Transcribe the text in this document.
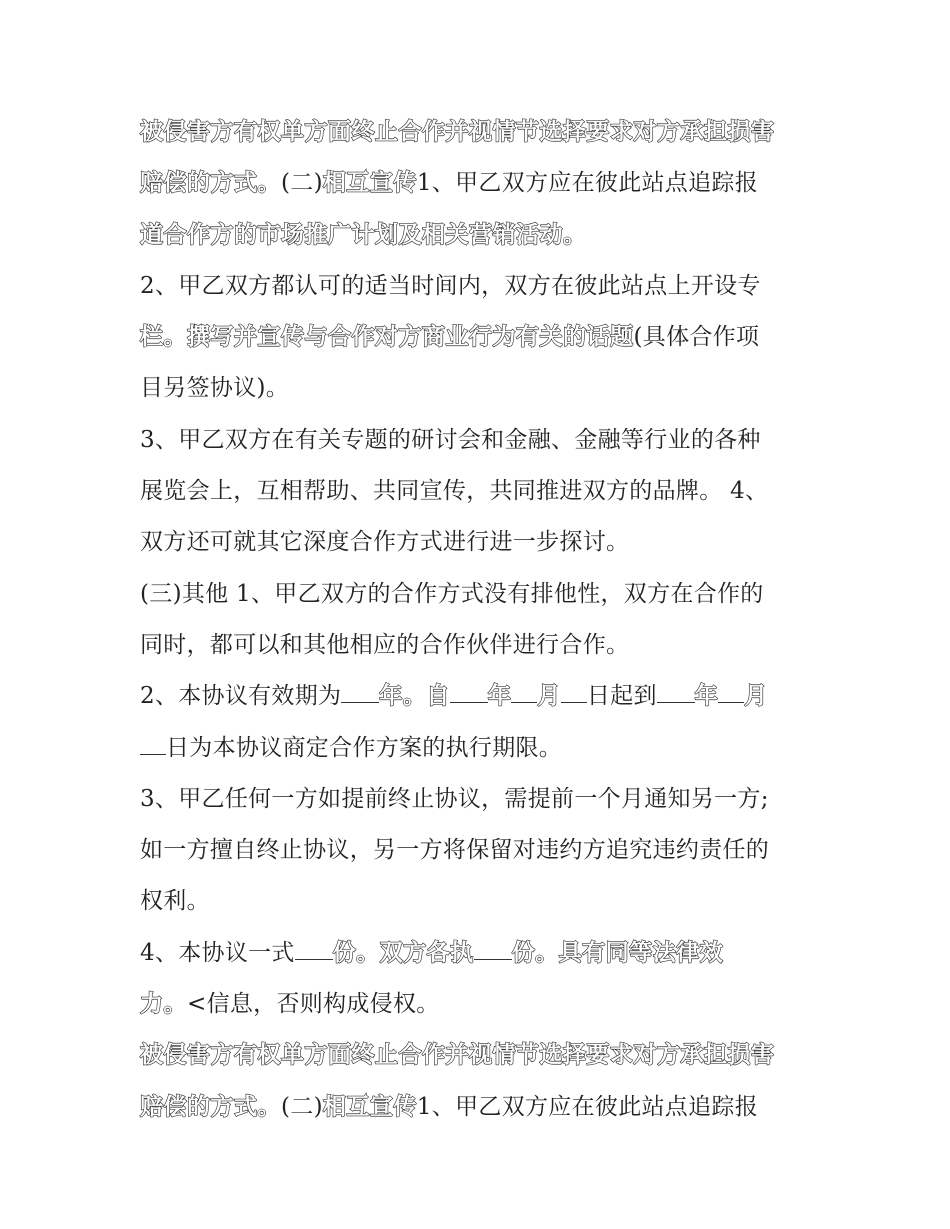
被侵害方有权单方面终止合作并视情节选择要求对方承担损害
赔偿的方式。(二)相互宣传1、甲乙双方应在彼此站点追踪报
道合作方的市场推广计划及相关营销活动。
2、甲乙双方都认可的适当时间内，双方在彼此站点上开设专
栏。撰写并宣传与合作对方商业行为有关的话题(具体合作项
目另签协议)。
3、甲乙双方在有关专题的研讨会和金融、金融等行业的各种
展览会上，互相帮助、共同宣传，共同推进双方的品牌。 4、
双方还可就其它深度合作方式进行进一步探讨。
(三)其他 1、甲乙双方的合作方式没有排他性，双方在合作的
同时，都可以和其他相应的合作伙伴进行合作。
2、本协议有效期为 年。自 年 月 日起到 年 月
日为本协议商定合作方案的执行期限。
3、甲乙任何一方如提前终止协议，需提前一个月通知另一方;
如一方擅自终止协议，另一方将保留对违约方追究违约责任的
权利。
4、本协议一式 份。双方各执 份。具有同等法律效
力。<信息，否则构成侵权。
被侵害方有权单方面终止合作并视情节选择要求对方承担损害
赔偿的方式。(二)相互宣传1、甲乙双方应在彼此站点追踪报
